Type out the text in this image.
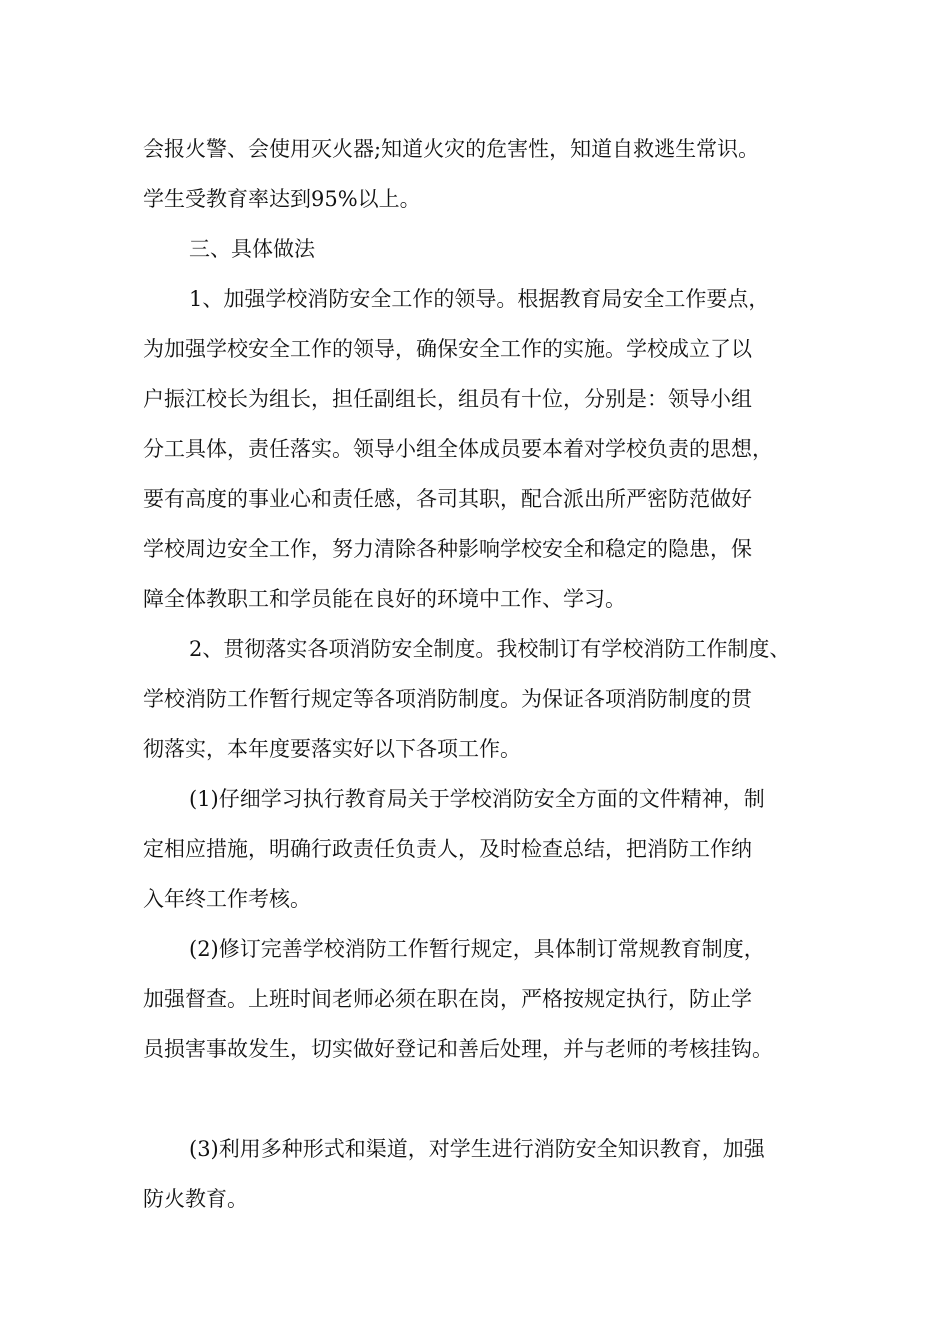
会报火警、会使用灭火器;知道火灾的危害性，知道自救逃生常识。

学生受教育率达到95%以上。

三、具体做法

1、加强学校消防安全工作的领导。根据教育局安全工作要点，

为加强学校安全工作的领导，确保安全工作的实施。学校成立了以

户振江校长为组长，担任副组长，组员有十位，分别是：领导小组

分工具体，责任落实。领导小组全体成员要本着对学校负责的思想，

要有高度的事业心和责任感，各司其职，配合派出所严密防范做好

学校周边安全工作，努力清除各种影响学校安全和稳定的隐患，保

障全体教职工和学员能在良好的环境中工作、学习。

2、贯彻落实各项消防安全制度。我校制订有学校消防工作制度、

学校消防工作暂行规定等各项消防制度。为保证各项消防制度的贯

彻落实，本年度要落实好以下各项工作。

(1)仔细学习执行教育局关于学校消防安全方面的文件精神，制

定相应措施，明确行政责任负责人，及时检查总结，把消防工作纳

入年终工作考核。

(2)修订完善学校消防工作暂行规定，具体制订常规教育制度，

加强督查。上班时间老师必须在职在岗，严格按规定执行，防止学

员损害事故发生，切实做好登记和善后处理，并与老师的考核挂钩。

(3)利用多种形式和渠道，对学生进行消防安全知识教育，加强

防火教育。
